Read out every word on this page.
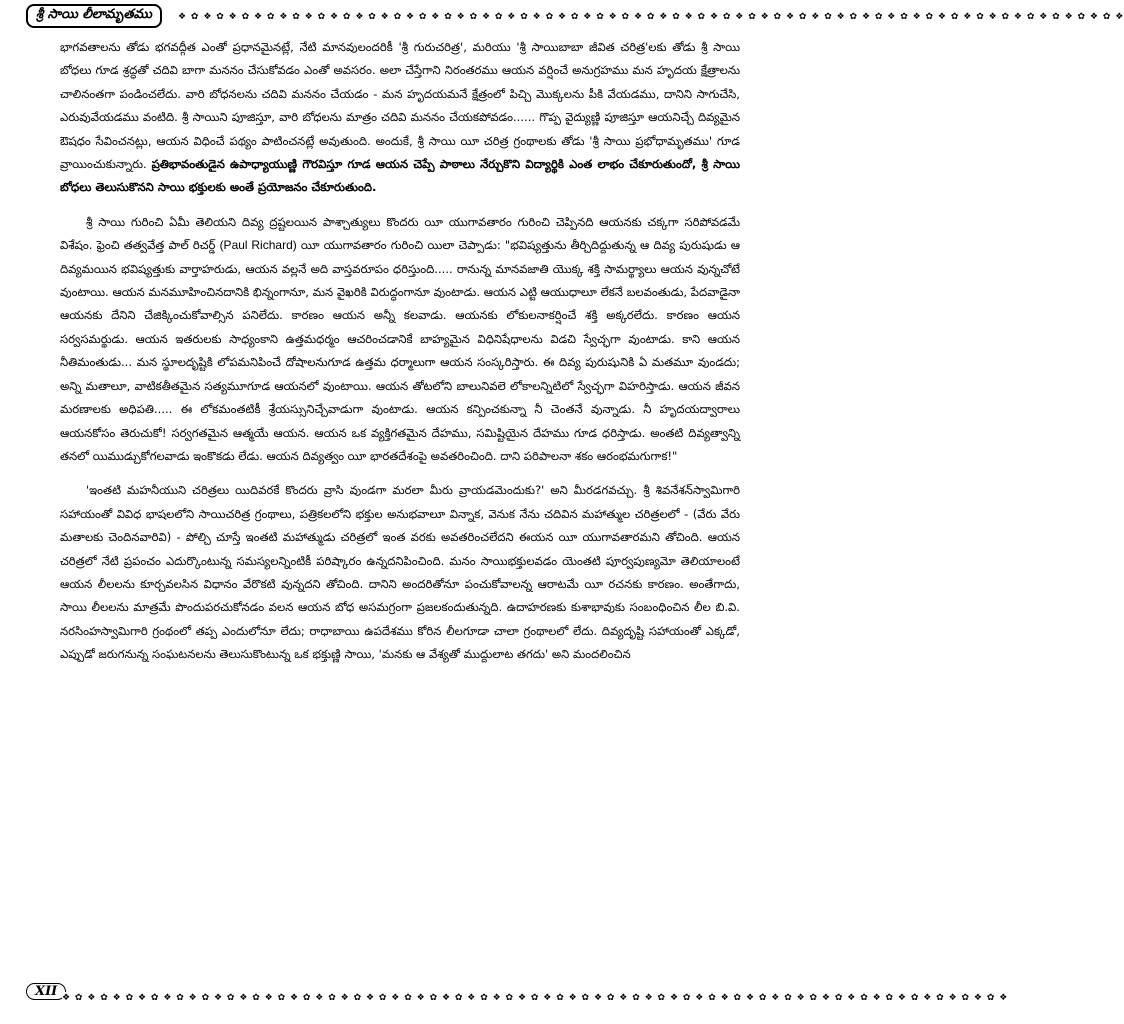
❖ ✿ ❖ ✿ ❖ ✿ ❖ ✿ ❖ ✿ ❖ ✿ ❖ ✿ ❖ ✿ ❖ ✿ ❖ ✿ ❖ ✿ ❖ ✿ ❖ ✿ ❖ ✿ ❖ ✿ ❖ ✿ ❖ ✿ ❖ ✿ ❖ ✿ ❖ ✿ ❖ ✿ ❖ ✿ ❖ ✿ ❖ ✿ ❖ ✿ ❖ ✿ ❖ ✿ ❖ ✿ ❖ ✿ ❖ ✿ ❖ ✿ ❖ ✿ ❖ ✿ ❖ ✿ ❖ ✿ ❖ ✿ ❖ ✿ ❖
శ్రీ సాయి లీలామృతము

భాగవతాలను తోడు భగవద్గీత ఎంతో ప్రధానమైనట్లే, నేటి మానవులందరికీ 'శ్రీ గురుచరిత్ర', మరియు 'శ్రీ సాయిబాబా జీవిత చరిత్ర'లకు తోడు శ్రీ సాయి బోధలు గూడ శ్రద్ధతో చదివి బాగా మననం చేసుకోవడం ఎంతో అవసరం. అలా చేస్తేగాని నిరంతరము ఆయన వర్షించే అనుగ్రహము మన హృదయ క్షేత్రాలను చాలినంతగా పండించలేదు. వారి బోధనలను చదివి మననం చేయడం - మన హృదయమనే క్షేత్రంలో పిచ్చి మొక్కలను పీకి వేయడము, దానిని సాగుచేసి, ఎరువువేయడము వంటిది. శ్రీ సాయిని పూజిస్తూ, వారి బోధలను మాత్రం చదివి మననం చేయకపోవడం...... గొప్ప వైద్యుణ్ణి పూజిస్తూ ఆయనిచ్చే దివ్యమైన ఔషధం సేవించనట్లు, ఆయన విధించే పథ్యం పాటించనట్లే అవుతుంది. అందుకే, శ్రీ సాయి యీ చరిత్ర గ్రంథాలకు తోడు 'శ్రీ సాయి ప్రభోధామృతము' గూడ వ్రాయించుకున్నారు. ప్రతిభావంతుడైన ఉపాధ్యాయుణ్ణి గౌరవిస్తూ గూడ ఆయన చెప్పే పాఠాలు నేర్చుకొని విద్యార్థికి ఎంత లాభం చేకూరుతుందో, శ్రీ సాయి బోధలు తెలుసుకొనని సాయి భక్తులకు అంతే ప్రయోజనం చేకూరుతుంది.

శ్రీ సాయి గురించి ఏమీ తెలియని దివ్య ద్రష్టలయిన పాశ్చాత్యులు కొందరు యీ యుగావతారం గురించి చెప్పినది ఆయనకు చక్కగా సరిపోవడమే విశేషం. ఫ్రెంచి తత్వవేత్త పాల్ రిచర్డ్ (Paul Richard) యీ యుగావతారం గురించి యిలా చెప్పాడు: "భవిష్యత్తును తీర్చిదిద్దుతున్న ఆ దివ్య పురుషుడు ఆ దివ్యమయిన భవిష్యత్తుకు వార్తాహరుడు, ఆయన వల్లనే అది వాస్తవరూపం ధరిస్తుంది..... రానున్న మానవజాతి యొక్క శక్తి సామర్థ్యాలు ఆయన వున్నచోటే వుంటాయి. ఆయన మనమూహించినదానికి భిన్నంగానూ, మన వైఖరికి విరుద్ధంగానూ వుంటాడు. ఆయన ఎట్టి ఆయుధాలూ లేకనే బలవంతుడు, పేదవాడైనా ఆయనకు దేనిని చేజిక్కించుకోవాల్సిన పనిలేదు. కారణం ఆయన అన్నీ కలవాడు. ఆయనకు లోకులనాకర్షించే శక్తి అక్కరలేదు. కారణం ఆయన సర్వసమర్థుడు. ఆయన ఇతరులకు సాధ్యంకాని ఉత్తమధర్మం ఆచరించడానికే బాహ్యమైన విధినిషేధాలను విడచి స్వేచ్ఛగా వుంటాడు. కాని ఆయన నీతిమంతుడు... మన స్థూలదృష్టికి లోపమనిపించే దోషాలనుగూడ ఉత్తమ ధర్మాలుగా ఆయన సంస్కరిస్తారు. ఈ దివ్య పురుషునికి ఏ మతమూ వుండదు; అన్ని మతాలూ, వాటికతీతమైన సత్యమూగూడ ఆయనలో వుంటాయి. ఆయన తోటలోని బాలునివలె లోకాలన్నిటిలో స్వేచ్ఛగా విహరిస్తాడు. ఆయన జీవన మరణాలకు అధిపతి..... ఈ లోకమంతటికీ శ్రేయస్సునిచ్చేవాడుగా వుంటాడు. ఆయన కన్పించకున్నా నీ చెంతనే వున్నాడు. నీ హృదయద్వారాలు ఆయనకోసం తెరుచుకో! సర్వగతమైన ఆత్మయే ఆయన. ఆయన ఒక వ్యక్తిగతమైన దేహము, సమిష్టియైన దేహము గూడ ధరిస్తాడు. అంతటి దివ్యత్వాన్ని తనలో యిముడ్చుకోగలవాడు ఇంకొకడు లేడు. ఆయన దివ్యత్వం యీ భారతదేశంపై అవతరించింది. దాని పరిపాలనా శకం ఆరంభమగుగాక!"

'ఇంతటి మహనీయుని చరిత్రలు యిదివరకే కొందరు వ్రాసి వుండగా మరలా మీరు వ్రాయడమెందుకు?' అని మీరడగవచ్చు. శ్రీ శివనేశన్‌స్వామిగారి సహాయంతో వివిధ భాషలలోని సాయిచరిత్ర గ్రంథాలు, పత్రికలలోని భక్తుల అనుభవాలూ విన్నాక, వెనుక నేను చదివిన మహాత్ముల చరిత్రలలో - (వేరు వేరు మతాలకు చెందినవారివి) - పోల్చి చూస్తే ఇంతటి మహాత్ముడు చరిత్రలో ఇంత వరకు అవతరించలేదని ఈయన యీ యుగావతారమని తోచింది. ఆయన చరిత్రలో నేటి ప్రపంచం ఎదుర్కొంటున్న సమస్యలన్నింటికీ పరిష్కారం ఉన్నదనిపించింది. మనం సాయిభక్తులవడం యెంతటి పూర్వపుణ్యమో తెలియాలంటే ఆయన లీలలను కూర్చవలసిన విధానం వేరొకటి వున్నదని తోచింది. దానిని అందరితోనూ పంచుకోవాలన్న ఆరాటమే యీ రచనకు కారణం. అంతేగాదు, సాయి లీలలను మాత్రమే పొందుపరచుకోనడం వలన ఆయన బోధ అసమగ్రంగా ప్రజలకందుతున్నది. ఉదాహరణకు కుశాభావుకు సంబంధించిన లీల బి.వి. నరసింహస్వామిగారి గ్రంథంలో తప్ప ఎందులోనూ లేదు; రాధాబాయి ఉపదేశము కోరిన లీలగూడా చాలా గ్రంథాలలో లేదు. దివ్యదృష్టి సహాయంతో ఎక్కడో, ఎప్పుడో జరుగనున్న సంఘటనలను తెలుసుకొంటున్న ఒక భక్తుణ్ణి సాయి, 'మనకు ఆ వేశ్యతో ముద్దులాట తగదు' అని మందలించిన

XII ❖ ✿ ❖ ✿ ❖ ✿ ❖ ✿ ❖ ✿ ❖ ✿ ❖ ✿ ❖ ✿ ❖ ✿ ❖ ✿ ❖ ✿ ❖ ✿ ❖ ✿ ❖ ✿ ❖ ✿ ❖ ✿ ❖ ✿ ❖ ✿ ❖ ✿ ❖ ✿ ❖ ✿ ❖ ✿ ❖ ✿ ❖ ✿ ❖ ✿ ❖ ✿ ❖ ✿ ❖ ✿ ❖ ✿ ❖ ✿ ❖ ✿ ❖ ✿ ❖ ✿ ❖ ✿ ❖ ✿ ❖ ✿ ❖ ✿ ❖
